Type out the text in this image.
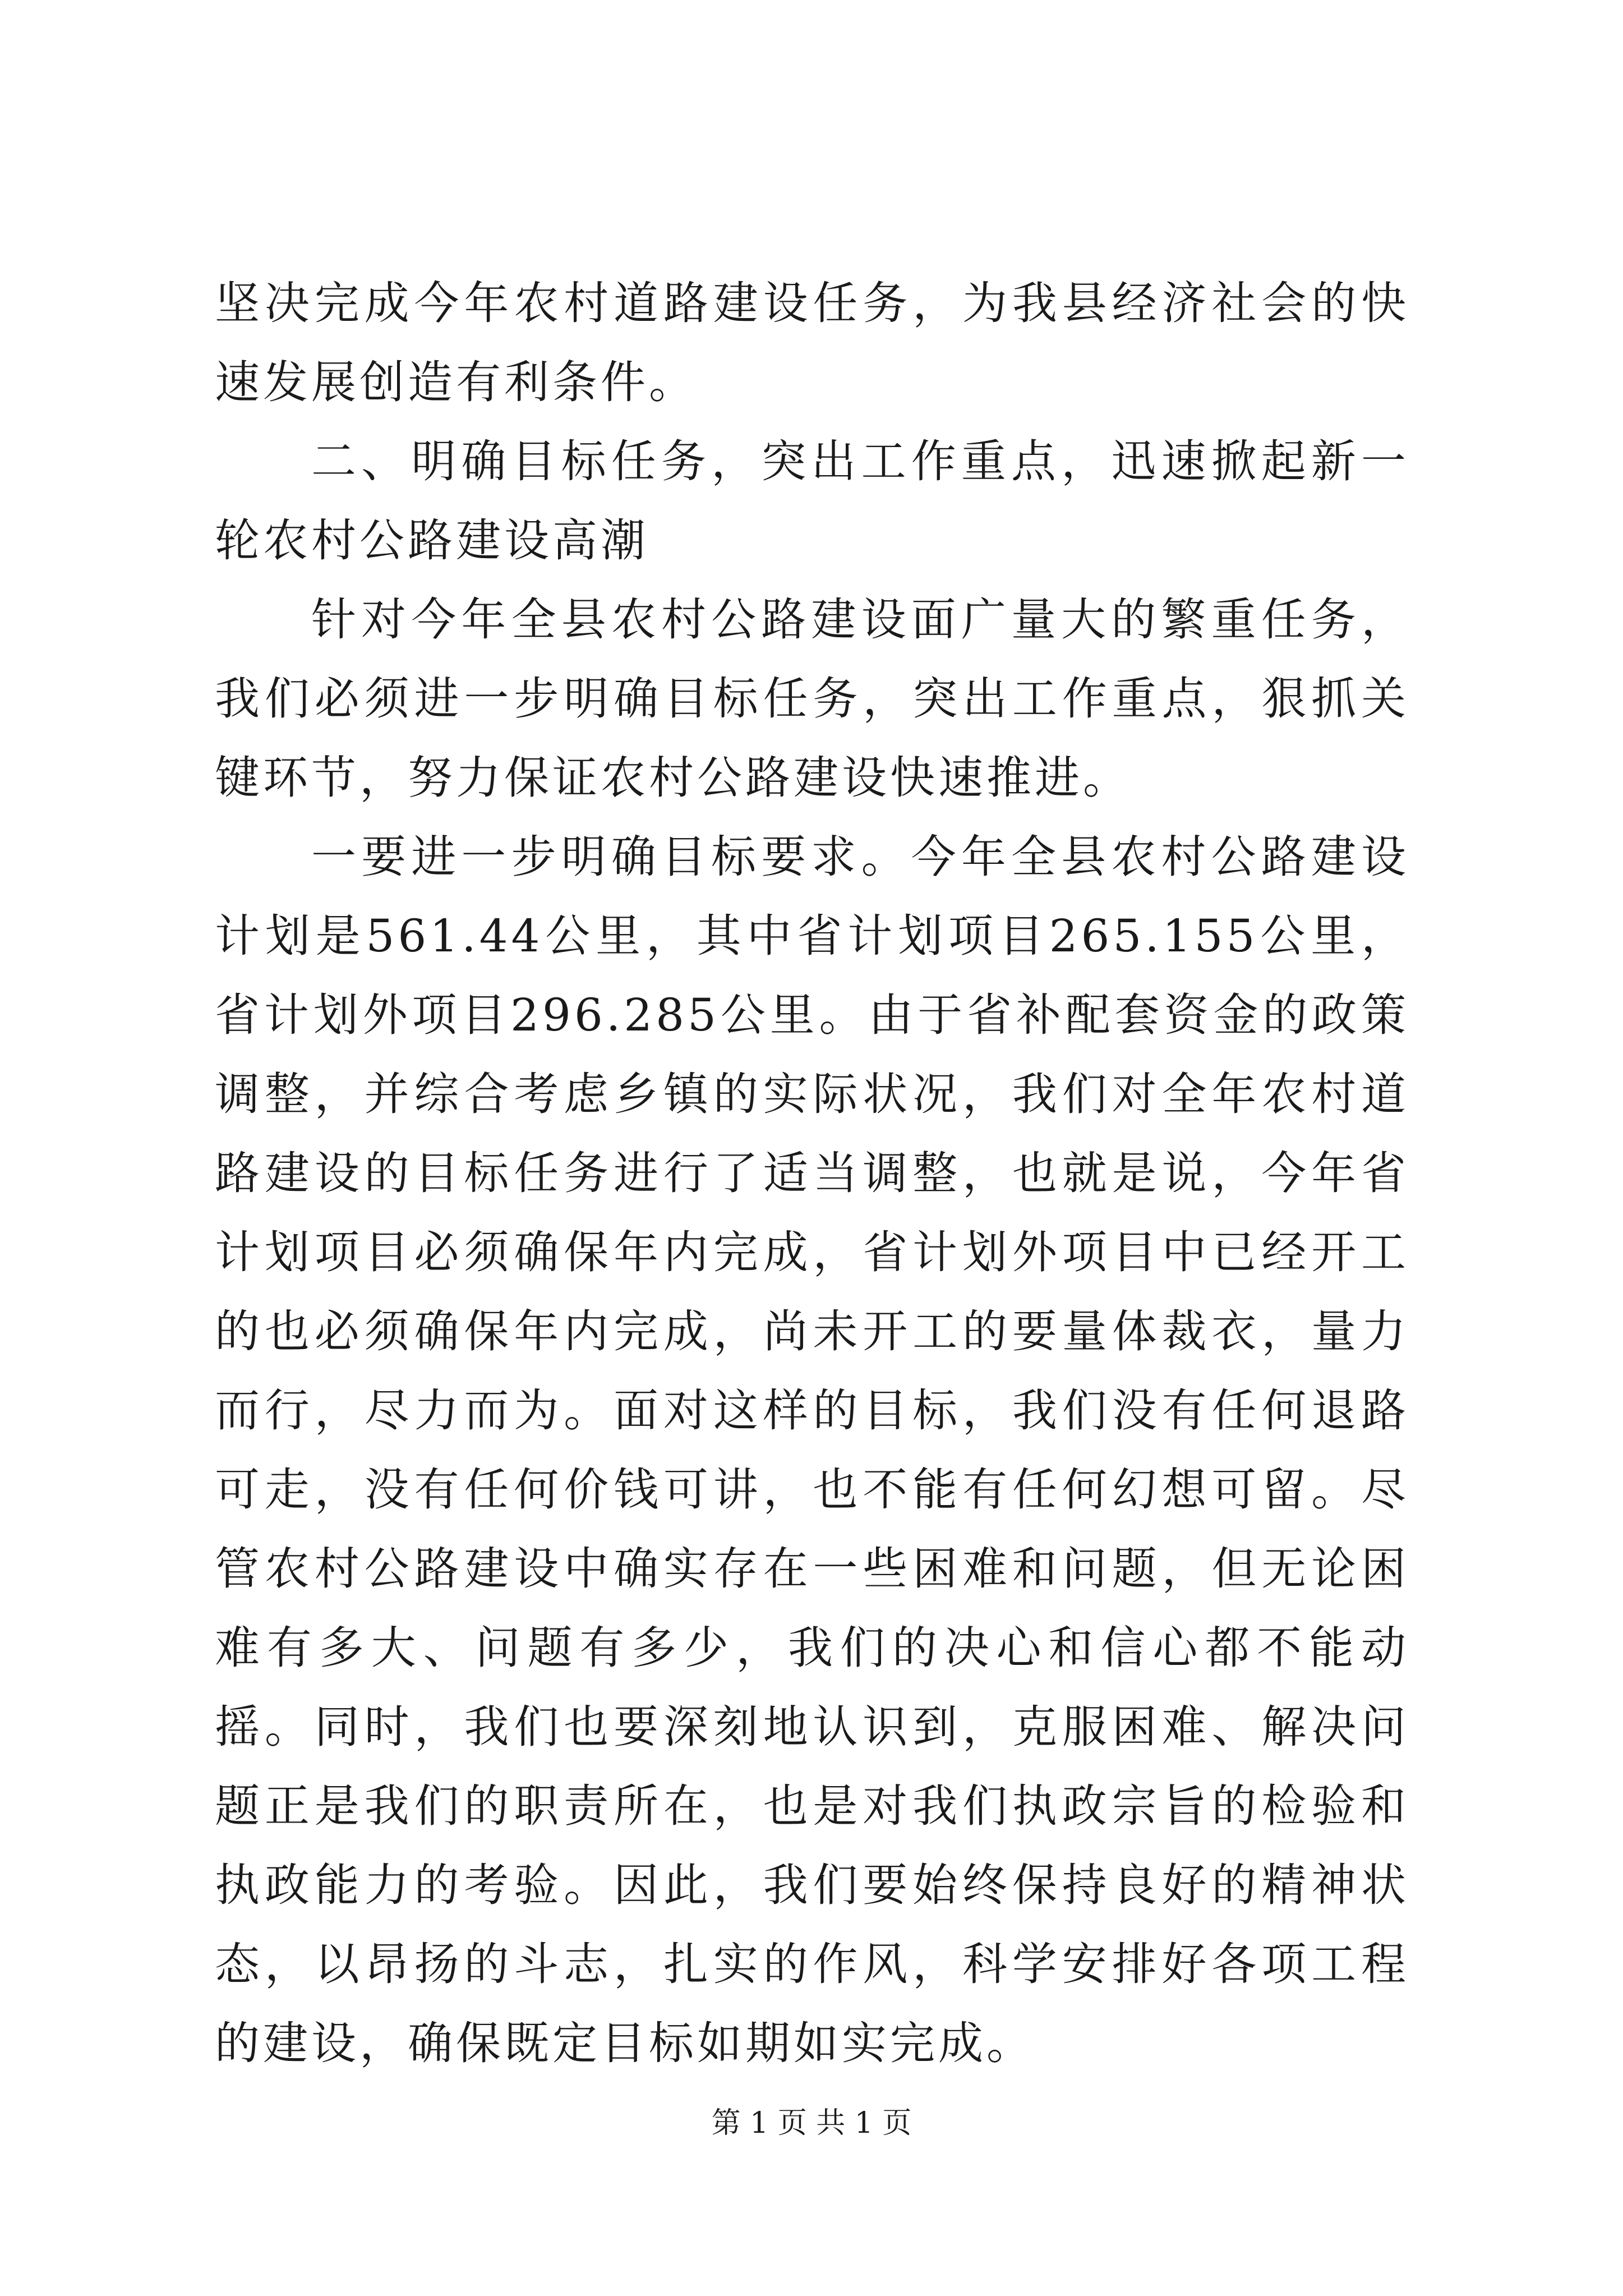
坚决完成今年农村道路建设任务，为我县经济社会的快速发展创造有利条件。

二、明确目标任务，突出工作重点，迅速掀起新一轮农村公路建设高潮

针对今年全县农村公路建设面广量大的繁重任务，我们必须进一步明确目标任务，突出工作重点，狠抓关键环节，努力保证农村公路建设快速推进。

一要进一步明确目标要求。今年全县农村公路建设计划是561.44公里，其中省计划项目265.155公里，省计划外项目296.285公里。由于省补配套资金的政策调整，并综合考虑乡镇的实际状况，我们对全年农村道路建设的目标任务进行了适当调整，也就是说，今年省计划项目必须确保年内完成，省计划外项目中已经开工的也必须确保年内完成，尚未开工的要量体裁衣，量力而行，尽力而为。面对这样的目标，我们没有任何退路可走，没有任何价钱可讲，也不能有任何幻想可留。尽管农村公路建设中确实存在一些困难和问题，但无论困难有多大、问题有多少，我们的决心和信心都不能动摇。同时，我们也要深刻地认识到，克服困难、解决问题正是我们的职责所在，也是对我们执政宗旨的检验和执政能力的考验。因此，我们要始终保持良好的精神状态，以昂扬的斗志，扎实的作风，科学安排好各项工程的建设，确保既定目标如期如实完成。

第 1 页 共 1 页
